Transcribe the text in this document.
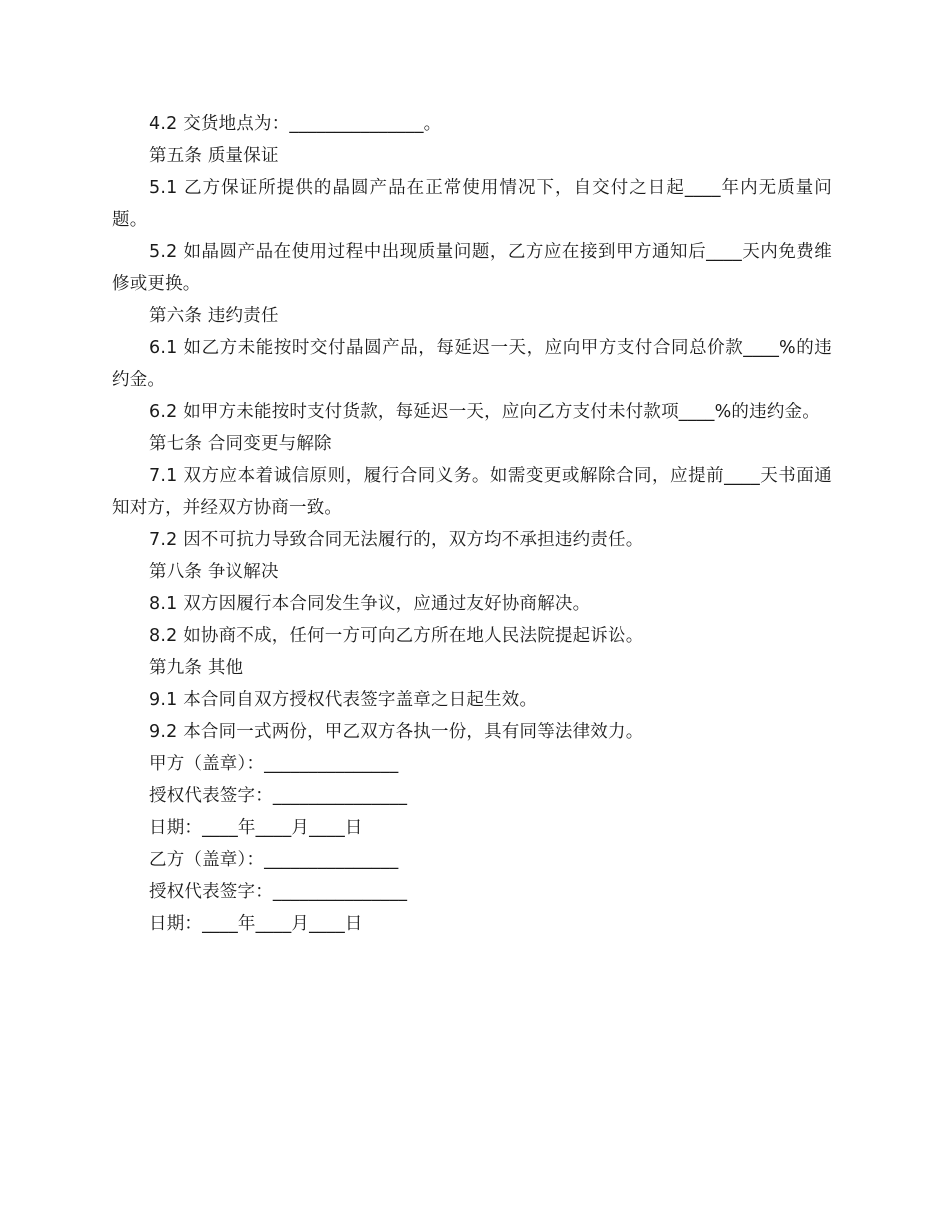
4.2 交货地点为：_______________。

第五条 质量保证

5.1 乙方保证所提供的晶圆产品在正常使用情况下，自交付之日起____年内无质量问题。

5.2 如晶圆产品在使用过程中出现质量问题，乙方应在接到甲方通知后____天内免费维修或更换。

第六条 违约责任

6.1 如乙方未能按时交付晶圆产品，每延迟一天，应向甲方支付合同总价款____%的违约金。

6.2 如甲方未能按时支付货款，每延迟一天，应向乙方支付未付款项____%的违约金。

第七条 合同变更与解除

7.1 双方应本着诚信原则，履行合同义务。如需变更或解除合同，应提前____天书面通知对方，并经双方协商一致。

7.2 因不可抗力导致合同无法履行的，双方均不承担违约责任。

第八条 争议解决

8.1 双方因履行本合同发生争议，应通过友好协商解决。

8.2 如协商不成，任何一方可向乙方所在地人民法院提起诉讼。

第九条 其他

9.1 本合同自双方授权代表签字盖章之日起生效。

9.2 本合同一式两份，甲乙双方各执一份，具有同等法律效力。

甲方（盖章）：_______________

授权代表签字：_______________

日期：____年____月____日

乙方（盖章）：_______________

授权代表签字：_______________

日期：____年____月____日
